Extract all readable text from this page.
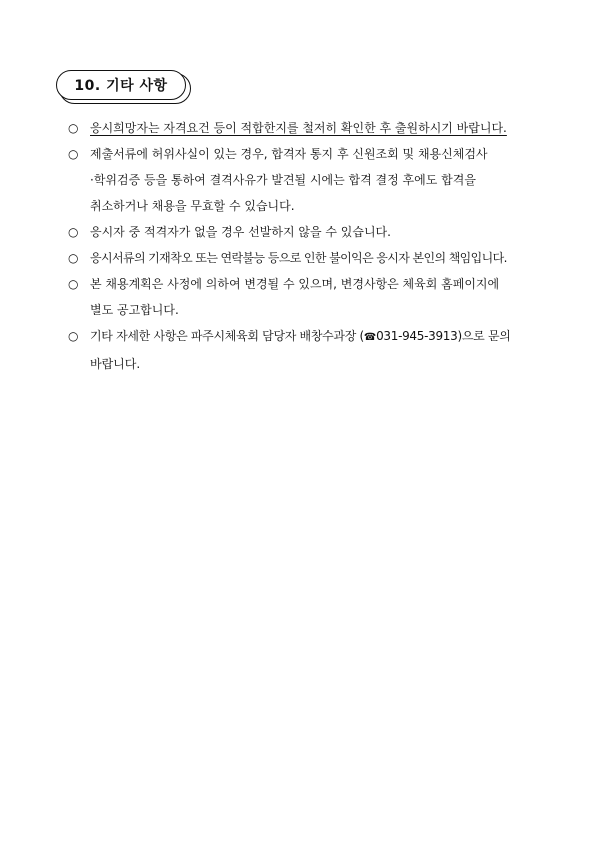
10. 기타 사항
○ 응시희망자는 자격요건 등이 적합한지를 철저히 확인한 후 출원하시기 바랍니다.
○ 제출서류에 허위사실이 있는 경우, 합격자 통지 후 신원조회 및 채용신체검사
·학위검증 등을 통하여 결격사유가 발견될 시에는 합격 결정 후에도 합격을
취소하거나 채용을 무효할 수 있습니다.
○ 응시자 중 적격자가 없을 경우 선발하지 않을 수 있습니다.
○ 응시서류의 기재착오 또는 연락불능 등으로 인한 불이익은 응시자 본인의 책임입니다.
○ 본 채용계획은 사정에 의하여 변경될 수 있으며, 변경사항은 체육회 홈페이지에
별도 공고합니다.
○ 기타 자세한 사항은 파주시체육회 담당자 배창수과장 (☎031-945-3913)으로 문의
바랍니다.
